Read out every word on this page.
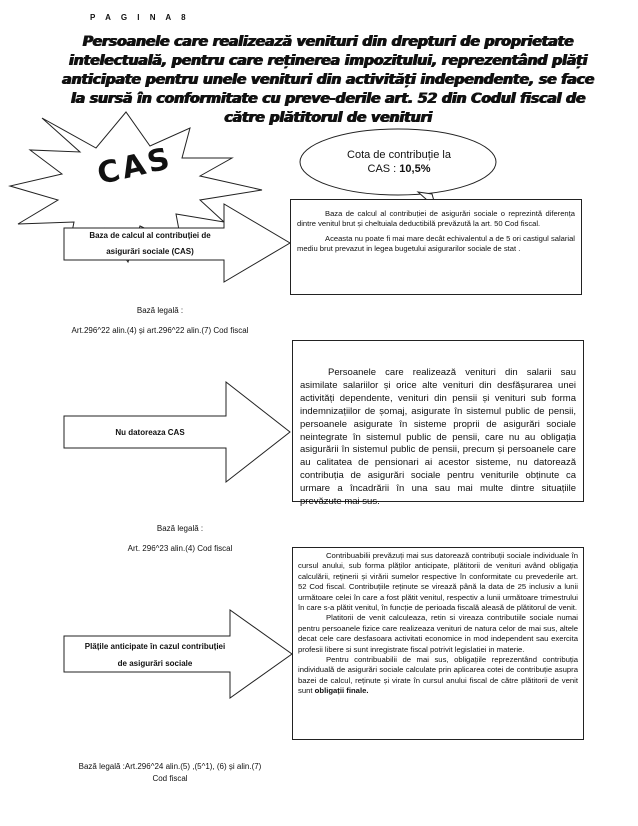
P A G I N A 8
Persoanele care realizează venituri din drepturi de proprietate intelectuală, pentru care reținerea impozitului, reprezentând plăți anticipate pentru unele venituri din activități independente, se face la sursă în conformitate cu preve-derile art. 52 din Codul fiscal de către plătitorul de venituri
CAS	Cota de contribuție la
CAS : 10,5%
Baza de calcul al contribuției de
asigurări sociale (CAS)

Baza de calcul al contribuției de asigurări sociale o reprezintă diferența dintre venitul brut și cheltuiala deductibilă prevăzută la art. 50 Cod fiscal.

Aceasta nu poate fi mai mare decât echivalentul a de 5 ori castigul salarial mediu brut prevazut in legea bugetului asigurarilor sociale de stat .

Bază legală :
Art.296^22 alin.(4) și art.296^22 alin.(7) Cod fiscal
Nu datoreaza CAS

Persoanele care realizează venituri din salarii sau asimilate salariilor și orice alte venituri din desfășurarea unei activități dependente, venituri din pensii și venituri sub forma indemnizațiilor de șomaj, asigurate în sistemul public de pensii, persoanele asigurate în sisteme proprii de asigurări sociale neintegrate în sistemul public de pensii, care nu au obligația asigurării în sistemul public de pensii, precum și persoanele care au calitatea de pensionari ai acestor sisteme, nu datorează contribuția de asigurări sociale pentru veniturile obținute ca urmare a încadrării în una sau mai multe dintre situațiile prevăzute mai sus.

Bază legală :
Art. 296^23 alin.(4) Cod fiscal
Plățile anticipate în cazul contribuției
de asigurări sociale

Contribuabilii prevăzuți mai sus datorează contribuții sociale individuale în cursul anului, sub forma plăților anticipate, plătitorii de venituri având obligația calculării, reținerii și virării sumelor respective în conformitate cu prevederile art. 52 Cod fiscal. Contribuțiile reținute se virează până la data de 25 inclusiv a lunii următoare celei în care a fost plătit venitul, respectiv a lunii următoare trimestrului în care s-a plătit venitul, în funcție de perioada fiscală aleasă de plătitorul de venit.

Platitorii de venit calculeaza, retin si vireaza contributiile sociale numai pentru persoanele fizice care realizeaza venituri de natura celor de mai sus, altele decat cele care desfasoara activitati economice in mod independent sau exercita profesii libere si sunt inregistrate fiscal potrivit legislatiei in materie.

Pentru contribuabilii de mai sus, obligațiile reprezentând contribuția individuală de asigurări sociale calculate prin aplicarea cotei de contribuție asupra bazei de calcul, reținute și virate în cursul anului fiscal de către plătitorii de venit sunt obligații finale.

Bază legală :Art.296^24 alin.(5) ,(5^1), (6) și alin.(7)
Cod fiscal
